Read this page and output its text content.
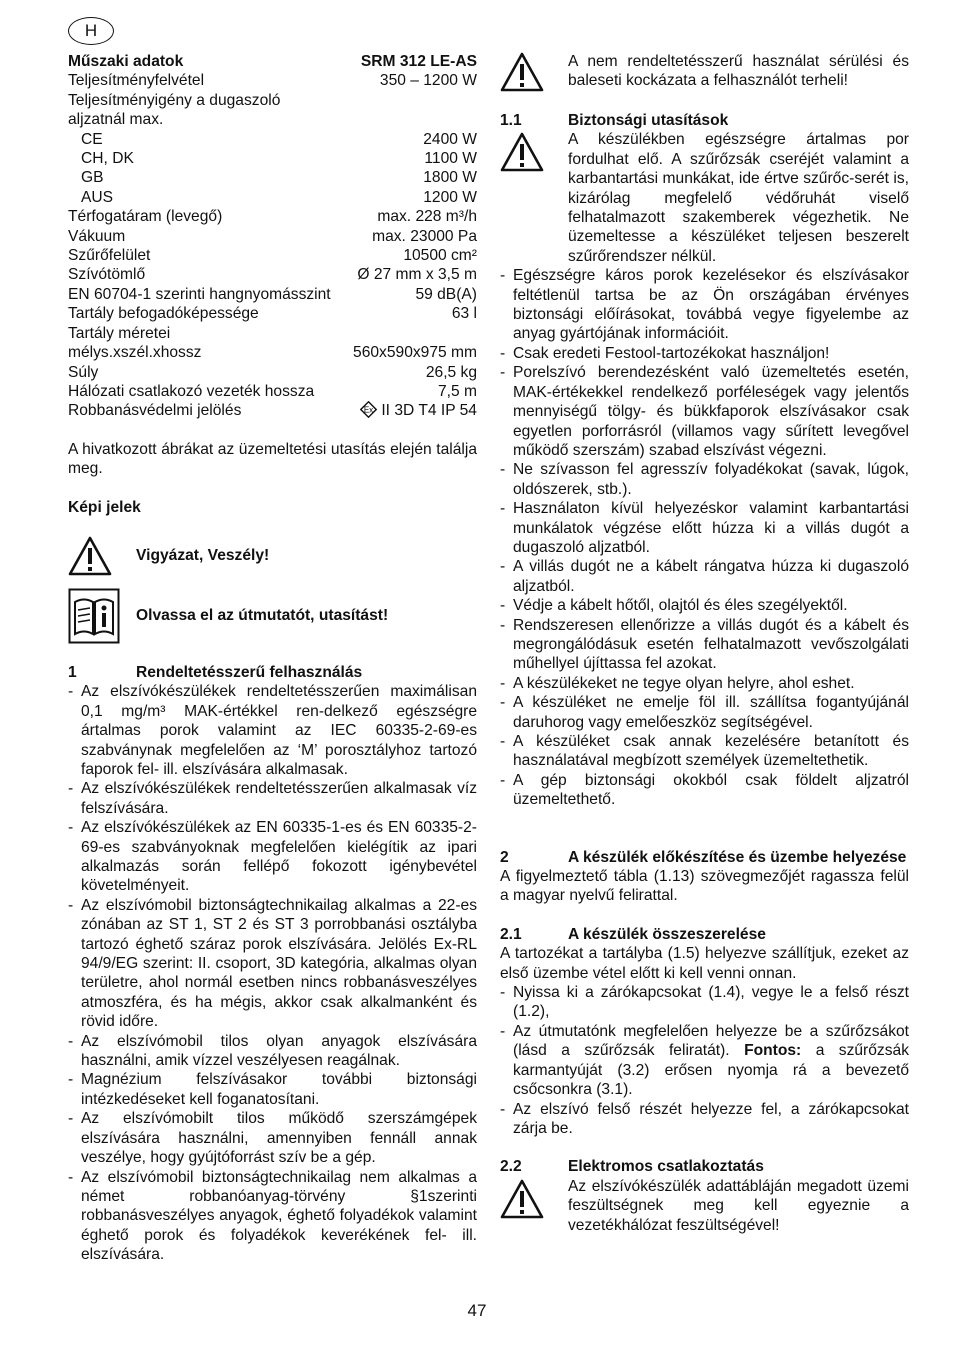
H
Műszaki adatok	SRM 312 LE-AS
Teljesítményfelvétel	350 – 1200 W
Teljesítményigény a dugaszoló
aljzatnál max.
CE	2400 W
CH, DK	1100 W
GB	1800 W
AUS	1200 W
Térfogatáram (levegő)	max. 228 m³/h
Vákuum	max. 23000 Pa
Szűrőfelület	10500 cm²
Szívótömlő	Ø 27 mm x 3,5 m
EN 60704-1 szerinti hangnyomásszint	59 dB(A)
Tartály befogadóképessége	63 l
Tartály méretei
mélys.xszél.xhossz	560x590x975 mm
Súly	26,5 kg
Hálózati csatlakozó vezeték hossza	7,5 m
Robbanásvédelmi jelölés	Ex II 3D T4 IP 54
A hivatkozott ábrákat az üzemeltetési utasítás elején találja meg.
Képi jelek
Vigyázat, Veszély!
Olvassa el az útmutatót, utasítást!
1	Rendeltetésszerű felhasználás
- Az elszívókészülékek rendeltetésszerűen maximálisan 0,1 mg/m³ MAK-értékkel ren-delkező egészségre ártalmas porok valamint az IEC 60335-2-69-es szabványnak megfelelően az ‘M’ porosztályhoz tartozó faporok fel- ill. elszívására alkalmasak.
- Az elszívókészülékek rendeltetésszerűen alkalmasak víz felszívására.
- Az elszívókészülékek az EN 60335-1-es és EN 60335-2-69-es szabványoknak megfelelően kielégítik az ipari alkalmazás során fellépő fokozott igénybevétel követelményeit.
- Az elszívómobil biztonságtechnikailag alkalmas a 22-es zónában az ST 1, ST 2 és ST 3 porrobbanási osztályba tartozó éghető száraz porok elszívására. Jelölés Ex-RL 94/9/EG szerint: II. csoport, 3D kategória, alkalmas olyan területre, ahol normál esetben nincs robbanásveszélyes atmoszféra, és ha mégis, akkor csak alkalmanként és rövid időre.
- Az elszívómobil tilos olyan anyagok elszívására használni, amik vízzel veszélyesen reagálnak.
- Magnézium felszívásakor további biztonsági intézkedéseket kell foganatosítani.
- Az elszívómobilt tilos működő szerszámgépek elszívására használni, amennyiben fennáll annak veszélye, hogy gyújtóforrást szív be a gép.
- Az elszívómobil biztonságtechnikailag nem alkalmas a német robbanóanyag-törvény §1szerinti robbanásveszélyes anyagok, éghető folyadékok valamint éghető porok és folyadékok keverékének fel- ill. elszívására.
A nem rendeltetésszerű használat sérülési és baleseti kockázata a felhasználót terheli!
1.1	Biztonsági utasítások
A készülékben egészségre ártalmas por fordulhat elő. A szűrőzsák cseréjét valamint a karbantartási munkákat, ide értve szűrőc-serét is, kizárólag megfelelő védőruhát viselő felhatalmazott szakemberek végezhetik. Ne üzemeltesse a készüléket teljesen beszerelt szűrőrendszer nélkül.
- Egészségre káros porok kezelésekor és elszívásakor feltétlenül tartsa be az Ön országában érvényes biztonsági előírásokat, továbbá vegye figyelembe az anyag gyártójának információit.
- Csak eredeti Festool-tartozékokat használjon!
- Porelszívó berendezésként való üzemeltetés esetén, MAK-értékekkel rendelkező porféleségek vagy jelentős mennyiségű tölgy- és bükkfaporok elszívásakor csak egyetlen porforrásról (villamos vagy sűrített levegővel működő szerszám) szabad elszívást végezni.
- Ne szívasson fel agresszív folyadékokat (savak, lúgok, oldószerek, stb.).
- Használaton kívül helyezéskor valamint karbantartási munkálatok végzése előtt húzza ki a villás dugót a dugaszoló aljzatból.
- A villás dugót ne a kábelt rángatva húzza ki dugaszoló aljzatból.
- Védje a kábelt hőtől, olajtól és éles szegélyektől.
- Rendszeresen ellenőrizze a villás dugót és a kábelt és megrongálódásuk esetén felhatalmazott vevőszolgálati műhellyel újíttassa fel azokat.
- A készülékeket ne tegye olyan helyre, ahol eshet.
- A készüléket ne emelje föl ill. szállítsa fogantyújánál daruhorog vagy emelőeszköz segítségével.
- A készüléket csak annak kezelésére betanított és használatával megbízott személyek üzemeltethetik.
- A gép biztonsági okokból csak földelt aljzatról üzemeltethető.
2	A készülék előkészítése és üzembe helyezése
A figyelmeztető tábla (1.13) szövegmezőjét ragassza felül a magyar nyelvű felirattal.
2.1	A készülék összeszerelése
A tartozékat a tartályba (1.5) helyezve szállítjuk, ezeket az első üzembe vétel előtt ki kell venni onnan.
- Nyissa ki a zárókapcsokat (1.4), vegye le a felső részt (1.2),
- Az útmutatónk megfelelően helyezze be a szűrőzsákot (lásd a szűrőzsák feliratát). Fontos: a szűrőzsák karmantyúját (3.2) erősen nyomja rá a bevezető csőcsonkra (3.1).
- Az elszívó felső részét helyezze fel, a zárókapcsokat zárja be.
2.2	Elektromos csatlakoztatás
Az elszívókészülék adattábláján megadott üzemi feszültségnek meg kell egyeznie a vezetékhálózat feszültségével!
47
